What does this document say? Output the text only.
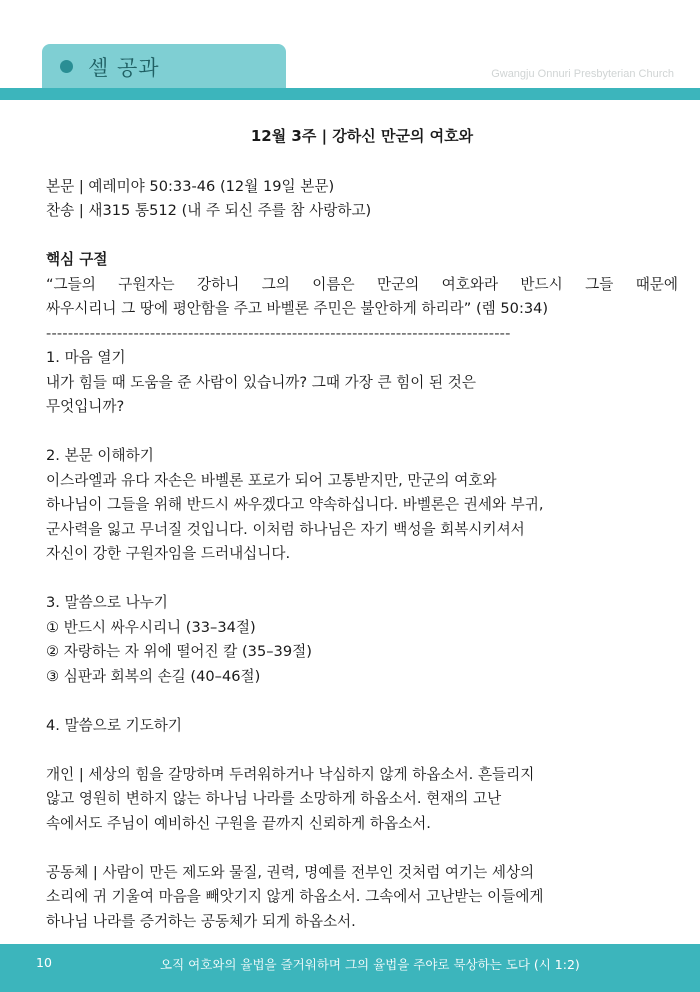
셀 공과	Gwangju Onnuri Presbyterian Church
12월 3주 | 강하신 만군의 여호와
본문 | 예레미야 50:33-46 (12월 19일 본문)
찬송 | 새315 통512 (내 주 되신 주를 참 사랑하고)
핵심 구절
“그들의 구원자는 강하니 그의 이름은 만군의 여호와라 반드시 그들 때문에
싸우시리니 그 땅에 평안함을 주고 바벨론 주민은 불안하게 하리라” (렘 50:34)
-------------------------------------------------------------------------------------
1. 마음 열기
내가 힘들 때 도움을 준 사람이 있습니까? 그때 가장 큰 힘이 된 것은
무엇입니까?
2. 본문 이해하기
이스라엘과 유다 자손은 바벨론 포로가 되어 고통받지만, 만군의 여호와
하나님이 그들을 위해 반드시 싸우겠다고 약속하십니다. 바벨론은 권세와 부귀,
군사력을 잃고 무너질 것입니다. 이처럼 하나님은 자기 백성을 회복시키셔서
자신이 강한 구원자임을 드러내십니다.
3. 말씀으로 나누기
① 반드시 싸우시리니 (33–34절)
② 자랑하는 자 위에 떨어진 칼 (35–39절)
③ 심판과 회복의 손길 (40–46절)
4. 말씀으로 기도하기
개인 | 세상의 힘을 갈망하며 두려워하거나 낙심하지 않게 하옵소서. 흔들리지
않고 영원히 변하지 않는 하나님 나라를 소망하게 하옵소서. 현재의 고난
속에서도 주님이 예비하신 구원을 끝까지 신뢰하게 하옵소서.
공동체 | 사람이 만든 제도와 물질, 권력, 명예를 전부인 것처럼 여기는 세상의
소리에 귀 기울여 마음을 빼앗기지 않게 하옵소서. 그속에서 고난받는 이들에게
하나님 나라를 증거하는 공동체가 되게 하옵소서.
10	오직 여호와의 율법을 즐거워하며 그의 율법을 주야로 묵상하는 도다 (시 1:2)
